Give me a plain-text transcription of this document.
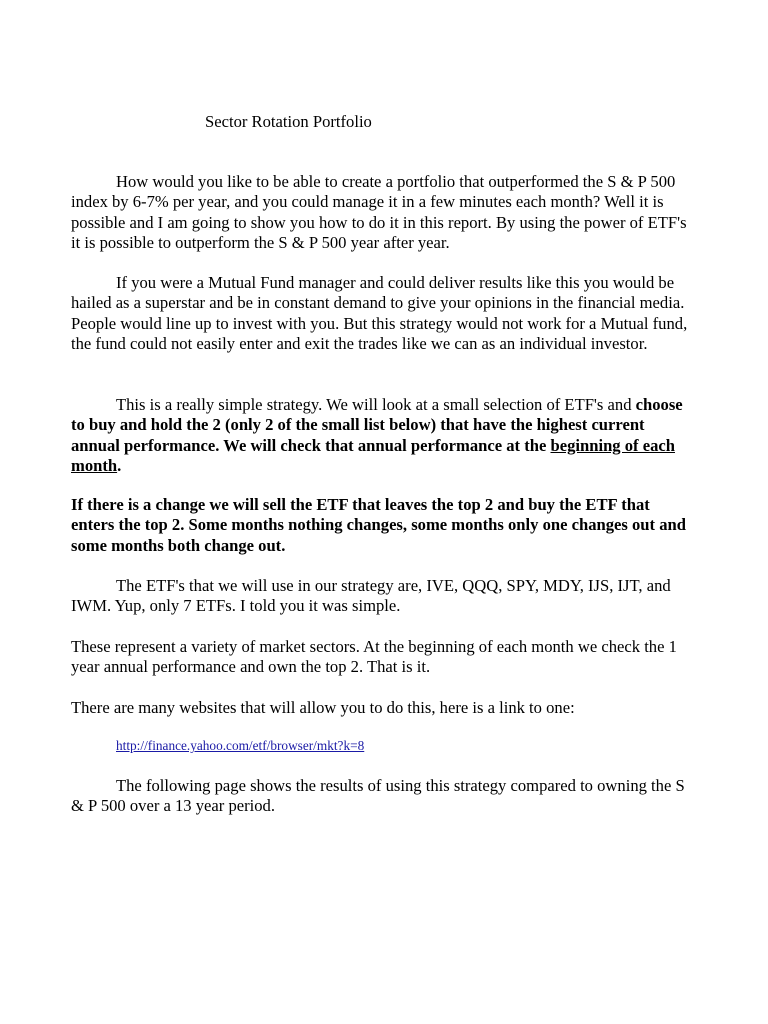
Sector Rotation Portfolio

How would you like to be able to create a portfolio that outperformed the S & P 500 index by 6-7% per year, and you could manage it in a few minutes each month? Well it is possible and I am going to show you how to do it in this report. By using the power of ETF's it is possible to outperform the S & P 500 year after year.

If you were a Mutual Fund manager and could deliver results like this you would be hailed as a superstar and be in constant demand to give your opinions in the financial media. People would line up to invest with you. But this strategy would not work for a Mutual fund, the fund could not easily enter and exit the trades like we can as an individual investor.

This is a really simple strategy. We will look at a small selection of ETF's and choose to buy and hold the 2 (only 2 of the small list below) that have the highest current annual performance. We will check that annual performance at the beginning of each month.

If there is a change we will sell the ETF that leaves the top 2 and buy the ETF that enters the top 2. Some months nothing changes, some months only one changes out and some months both change out.

The ETF's that we will use in our strategy are, IVE, QQQ, SPY, MDY, IJS, IJT, and IWM. Yup, only 7 ETFs. I told you it was simple.

These represent a variety of market sectors. At the beginning of each month we check the 1 year annual performance and own the top 2. That is it.

There are many websites that will allow you to do this, here is a link to one:

http://finance.yahoo.com/etf/browser/mkt?k=8

The following page shows the results of using this strategy compared to owning the S & P 500 over a 13 year period.
